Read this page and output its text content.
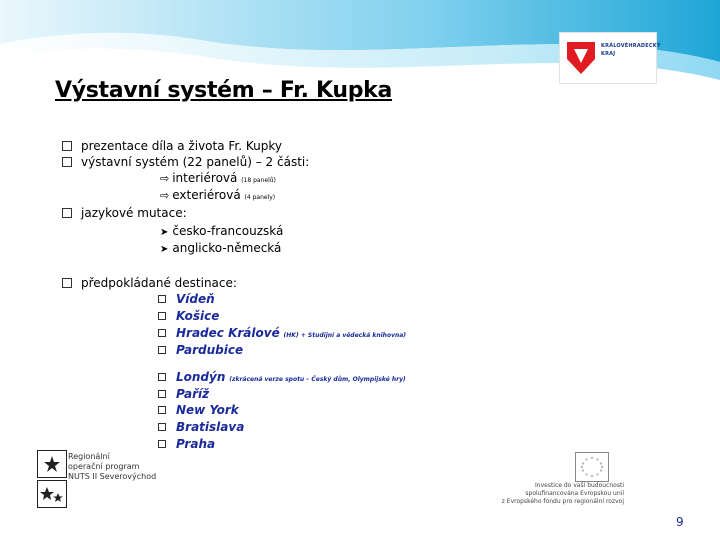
KRÁLOVÉHRADECKÝ
KRAJ
Výstavní systém – Fr. Kupka
prezentace díla a života Fr. Kupky
výstavní systém (22 panelů) – 2 části:
⇨ interiérová (18 panelů)
⇨ exteriérová (4 panely)
jazykové mutace:
➤ česko-francouzská
➤ anglicko-německá
předpokládané destinace:
Vídeň
Košice
Hradec Králové (HK) + Studijní a vědecká knihovna)
Pardubice
Londýn (zkrácená verze spotu – Český dům, Olympijské hry)
Paříž
New York
Bratislava
Praha
Regionální
operační program
NUTS II Severovýchod
Investice do vaší budoucnosti
spolufinancována Evropskou unií
z Evropského fondu pro regionální rozvoj
9
